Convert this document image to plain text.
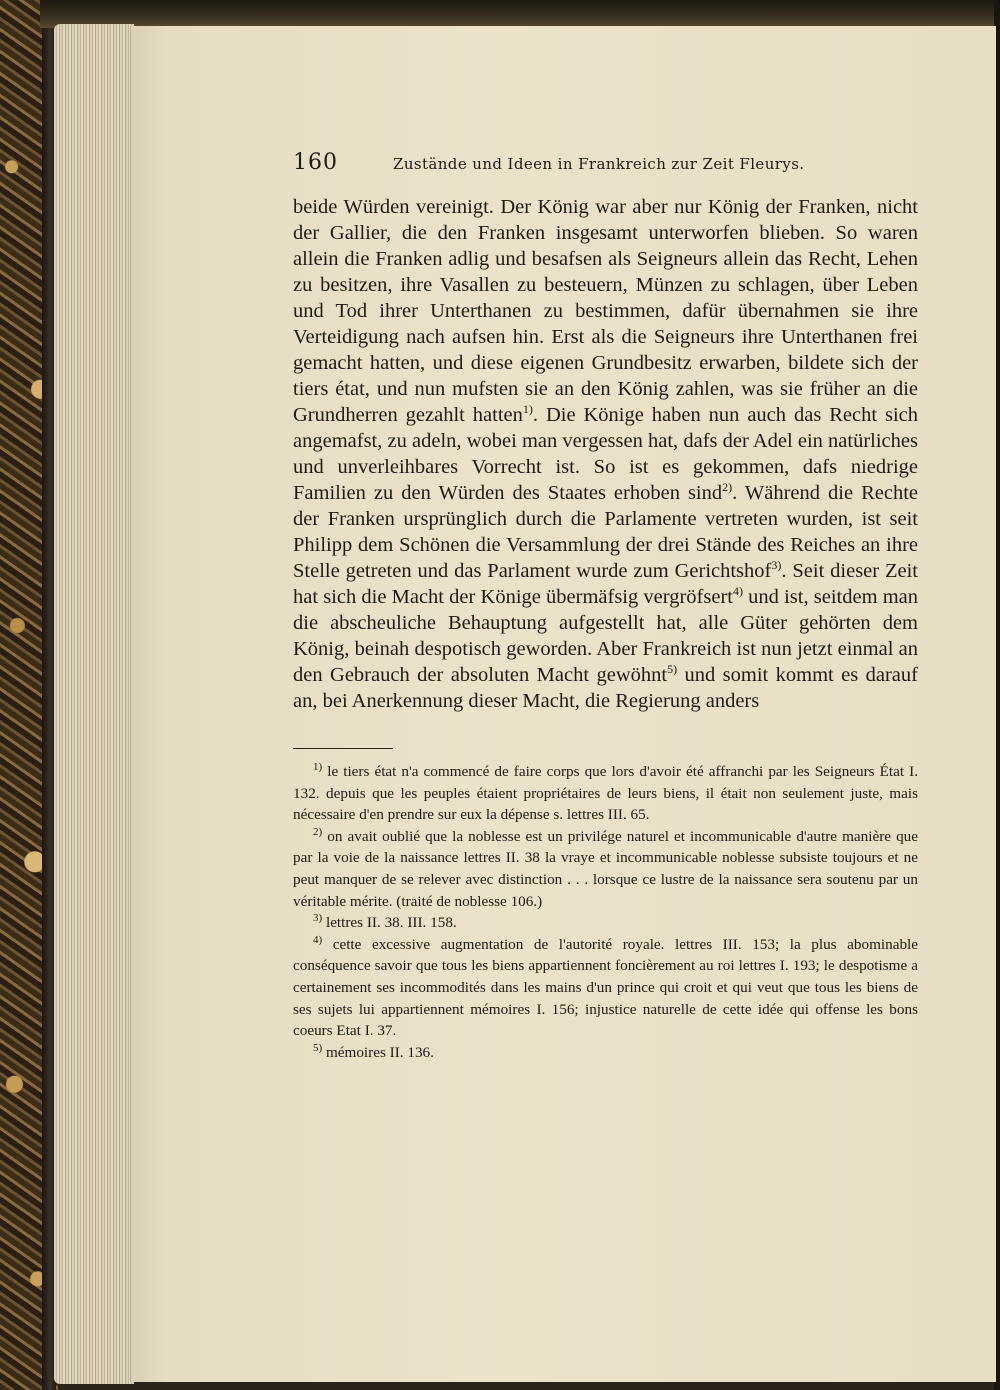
160	Zustände und Ideen in Frankreich zur Zeit Fleurys.

beide Würden vereinigt. Der König war aber nur König der Franken, nicht der Gallier, die den Franken insgesamt unterworfen blieben. So waren allein die Franken adlig und besafsen als Seigneurs allein das Recht, Lehen zu besitzen, ihre Vasallen zu besteuern, Münzen zu schlagen, über Leben und Tod ihrer Unterthanen zu bestimmen, dafür übernahmen sie ihre Verteidigung nach aufsen hin. Erst als die Seigneurs ihre Unterthanen frei gemacht hatten, und diese eigenen Grundbesitz erwarben, bildete sich der tiers état, und nun mufsten sie an den König zahlen, was sie früher an die Grundherren gezahlt hatten$^{1)}$. Die Könige haben nun auch das Recht sich angemafst, zu adeln, wobei man vergessen hat, dafs der Adel ein natürliches und unverleihbares Vorrecht ist. So ist es gekommen, dafs niedrige Familien zu den Würden des Staates erhoben sind$^{2)}$. Während die Rechte der Franken ursprünglich durch die Parlamente vertreten wurden, ist seit Philipp dem Schönen die Versammlung der drei Stände des Reiches an ihre Stelle getreten und das Parlament wurde zum Gerichtshof$^{3)}$. Seit dieser Zeit hat sich die Macht der Könige übermäfsig vergröfsert$^{4)}$ und ist, seitdem man die abscheuliche Behauptung aufgestellt hat, alle Güter gehörten dem König, beinah despotisch geworden. Aber Frankreich ist nun jetzt einmal an den Gebrauch der absoluten Macht gewöhnt$^{5)}$ und somit kommt es darauf an, bei Anerkennung dieser Macht, die Regierung anders

$^{1)}$ le tiers état n'a commencé de faire corps que lors d'avoir été affranchi par les Seigneurs État I. 132. depuis que les peuples étaient propriétaires de leurs biens, il était non seulement juste, mais nécessaire d'en prendre sur eux la dépense s. lettres III. 65.

$^{2)}$ on avait oublié que la noblesse est un privilége naturel et incommunicable d'autre manière que par la voie de la naissance lettres II. 38 la vraye et incommunicable noblesse subsiste toujours et ne peut manquer de se relever avec distinction . . . lorsque ce lustre de la naissance sera soutenu par un véritable mérite. (traité de noblesse 106.)

$^{3)}$ lettres II. 38. III. 158.

$^{4)}$ cette excessive augmentation de l'autorité royale. lettres III. 153; la plus abominable conséquence savoir que tous les biens appartiennent foncièrement au roi lettres I. 193; le despotisme a certainement ses incommodités dans les mains d'un prince qui croit et qui veut que tous les biens de ses sujets lui appartiennent mémoires I. 156; injustice naturelle de cette idée qui offense les bons coeurs Etat I. 37.

$^{5)}$ mémoires II. 136.
